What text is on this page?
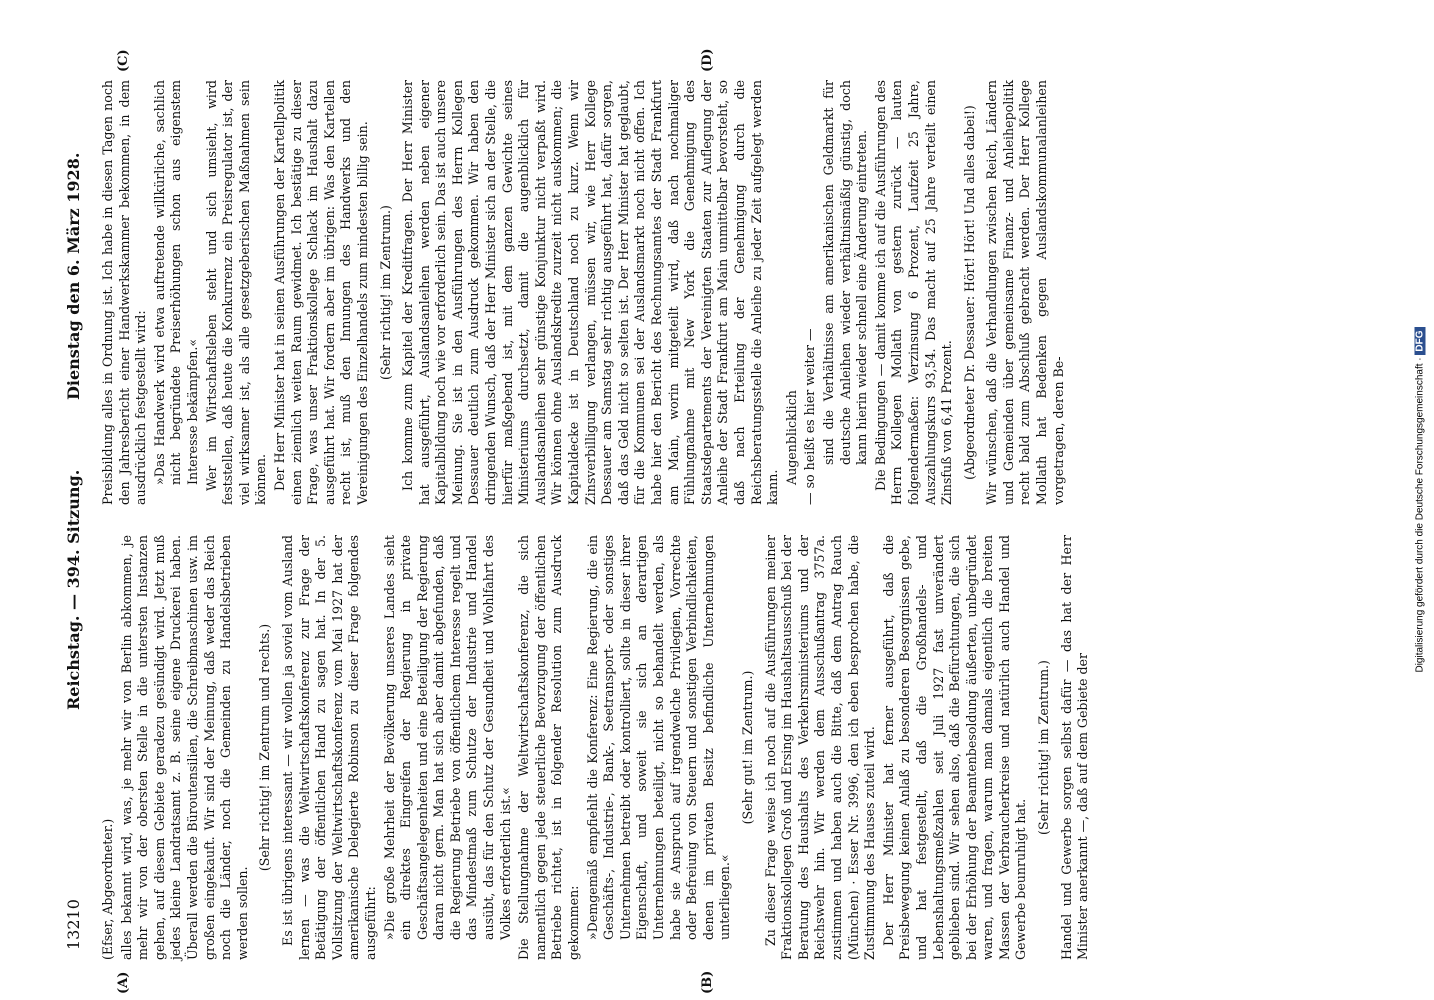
13210
Reichstag. — 394. Sitzung.
Dienstag den 6. März 1928.
(A)	(B)
(C)	(D)

(Efser, Abgeordneter.) alles bekannt wird, was, je mehr wir von Berlin abkommen, je mehr wir von der obersten Stelle in die untersten Instanzen gehen, auf diesem Gebiete geradezu gesündigt wird. Jetzt muß jedes kleine Landratsamt z. B. seine eigene Druckerei haben. Überall werden die Büroutensilien, die Schreibmaschinen usw. im großen eingekauft. Wir sind der Meinung, daß weder das Reich noch die Länder, noch die Gemeinden zu Handelsbetrieben werden sollen.

(Sehr richtig! im Zentrum und rechts.) Es ist übrigens interessant — wir wollen ja soviel vom Ausland lernen — was die Weltwirtschaftskonferenz zur Frage der Betätigung der öffentlichen Hand zu sagen hat. In der 5. Vollsitzung der Weltwirtschaftskonferenz vom Mai 1927 hat der amerikanische Delegierte Robinson zu dieser Frage folgendes ausgeführt: »Die große Mehrheit der Bevölkerung unseres Landes sieht ein direktes Eingreifen der Regierung in private Geschäftsangelegenheiten und eine Beteiligung der Regierung daran nicht gern. Man hat sich aber damit abgefunden, daß die Regierung Betriebe von öffentlichem Interesse regelt und das Mindestmaß zum Schutze der Industrie und Handel ausübt, das für den Schutz der Gesundheit und Wohlfahrt des Volkes erforderlich ist.« Die Stellungnahme der Weltwirtschaftskonferenz, die sich namentlich gegen jede steuerliche Bevorzugung der öffentlichen Betriebe richtet, ist in folgender Resolution zum Ausdruck gekommen: »Demgemäß empfiehlt die Konferenz: Eine Regierung, die ein Geschäfts-, Industrie-, Bank-, Seetransport- oder sonstiges Unternehmen betreibt oder kontrolliert, sollte in dieser ihrer Eigenschaft, und soweit sie sich an derartigen Unternehmungen beteiligt, nicht so behandelt werden, als habe sie Anspruch auf irgendwelche Privilegien, Vorrechte oder Befreiung von Steuern und sonstigen Verbindlichkeiten, denen im privaten Besitz befindliche Unternehmungen unterliegen.«

(Sehr gut! im Zentrum.) Zu dieser Frage weise ich noch auf die Ausführungen meiner Fraktionskollegen Groß und Ersing im Haushaltsausschuß bei der Beratung des Haushalts des Verkehrsministeriums und der Reichswehr hin. Wir werden dem Ausschußantrag 3757a. zustimmen und haben auch die Bitte, daß dem Antrag Rauch (München) · Esser Nr. 3996, den ich eben besprochen habe, die Zustimmung des Hauses zuteil wird. Der Herr Minister hat ferner ausgeführt, daß die Preisbewegung keinen Anlaß zu besonderen Besorgnissen gebe, und hat festgestellt, daß die Großhandels- und Lebenshaltungsmeßzahlen seit Juli 1927 fast unverändert geblieben sind. Wir sehen also, daß die Befürchtungen, die sich bei der Erhöhung der Beamtenbesoldung äußerten, unbegründet waren, und fragen, warum man damals eigentlich die breiten Massen der Verbraucherkreise und natürlich auch Handel und Gewerbe beunruhigt hat.

(Sehr richtig! im Zentrum.) Handel und Gewerbe sorgen selbst dafür — das hat der Herr Minister anerkannt —, daß auf dem Gebiete der

Preisbildung alles in Ordnung ist. Ich habe in diesen Tagen noch den Jahresbericht einer Handwerkskammer bekommen, in dem ausdrücklich festgestellt wird: »Das Handwerk wird etwa auftretende willkürliche, sachlich nicht begründete Preiserhöhungen schon aus eigenstem Interesse bekämpfen.« Wer im Wirtschaftsleben steht und sich umsieht, wird feststellen, daß heute die Konkurrenz ein Preisregulator ist, der viel wirksamer ist, als alle gesetzgeberischen Maßnahmen sein können. Der Herr Minister hat in seinen Ausführungen der Kartellpolitik einen ziemlich weiten Raum gewidmet. Ich bestätige zu dieser Frage, was unser Fraktionskollege Schlack im Haushalt dazu ausgeführt hat. Wir fordern aber im übrigen: Was den Kartellen recht ist, muß den Innungen des Handwerks und den Vereinigungen des Einzelhandels zum mindesten billig sein. (Sehr richtig! im Zentrum.) Ich komme zum Kapitel der Kreditfragen. Der Herr Minister hat ausgeführt, Auslandsanleihen werden neben eigener Kapitalbildung noch wie vor erforderlich sein. Das ist auch unsere Meinung. Sie ist in den Ausführungen des Herrn Kollegen Dessauer deutlich zum Ausdruck gekommen. Wir haben den dringenden Wunsch, daß der Herr Minister sich an der Stelle, die hierfür maßgebend ist, mit dem ganzen Gewichte seines Ministeriums durchsetzt, damit die augenblicklich für Auslandsanleihen sehr günstige Konjunktur nicht verpaßt wird. Wir können ohne Auslandskredite zurzeit nicht auskommen; die Kapitaldecke ist in Deutschland noch zu kurz. Wenn wir Zinsverbilligung verlangen, müssen wir, wie Herr Kollege Dessauer am Samstag sehr richtig ausgeführt hat, dafür sorgen, daß das Geld nicht so selten ist. Der Herr Minister hat geglaubt, für die Kommunen sei der Auslandsmarkt noch nicht offen. Ich habe hier den Bericht des Rechnungsamtes der Stadt Frankfurt am Main, worin mitgeteilt wird, daß nach nochmaliger Fühlungnahme mit New York die Genehmigung des Staatsdepartements der Vereinigten Staaten zur Auflegung der Anleihe der Stadt Frankfurt am Main unmittelbar bevorsteht, so daß nach Erteilung der Genehmigung durch die Reichsberatungsstelle die Anleihe zu jeder Zeit aufgelegt werden kann.

Augenblicklich — so heißt es hier weiter — sind die Verhältnisse am amerikanischen Geldmarkt für deutsche Anleihen wieder verhältnismäßig günstig, doch kann hierin wieder schnell eine Änderung eintreten. Die Bedingungen — damit komme ich auf die Ausführungen des Herrn Kollegen Mollath von gestern zurück — lauten folgendermaßen: Verzinsung 6 Prozent, Laufzeit 25 Jahre, Auszahlungskurs 93,54. Das macht auf 25 Jahre verteilt einen Zinsfuß von 6,41 Prozent. (Abgeordneter Dr. Dessauer: Hört! Hört! Und alles dabei!) Wir wünschen, daß die Verhandlungen zwischen Reich, Ländern und Gemeinden über gemeinsame Finanz- und Anleihepolitik recht bald zum Abschluß gebracht werden. Der Herr Kollege Mollath hat Bedenken gegen Auslandskommunalanleihen vorgetragen, deren Be-	Digitalisierung gefördert durch die Deutsche Forschungsgemeinschaft · DFG
